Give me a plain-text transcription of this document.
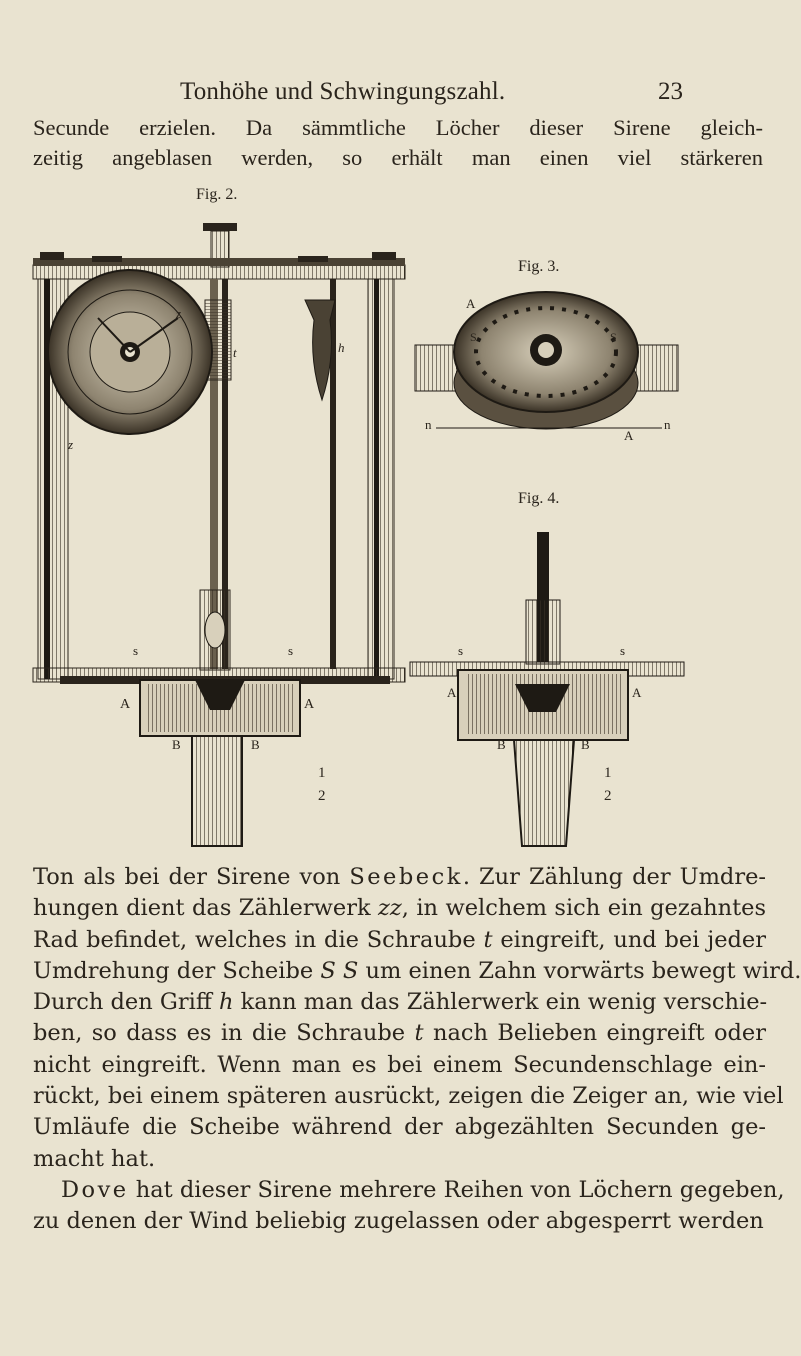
Tonhöhe und Schwingungszahl.	23
Secunde erzielen. Da sämmtliche Löcher dieser Sirene gleich-
zeitig angeblasen werden, so erhält man einen viel stärkeren
Fig. 2.
Fig. 3.
Fig. 4.
z
z
t	h
s	s
A	A
B	B
1
2
A
A
S	S
n	n
s	s
A	A
B	B
1
2
Ton als bei der Sirene von Seebeck. Zur Zählung der Umdre-
hungen dient das Zählerwerk zz, in welchem sich ein gezahntes
Rad befindet, welches in die Schraube t eingreift, und bei jeder
Umdrehung der Scheibe S S um einen Zahn vorwärts bewegt wird.
Durch den Griff h kann man das Zählerwerk ein wenig verschie-
ben, so dass es in die Schraube t nach Belieben eingreift oder
nicht eingreift. Wenn man es bei einem Secundenschlage ein-
rückt, bei einem späteren ausrückt, zeigen die Zeiger an, wie viel
Umläufe die Scheibe während der abgezählten Secunden ge-
macht hat.
Dove hat dieser Sirene mehrere Reihen von Löchern gegeben,
zu denen der Wind beliebig zugelassen oder abgesperrt werden
